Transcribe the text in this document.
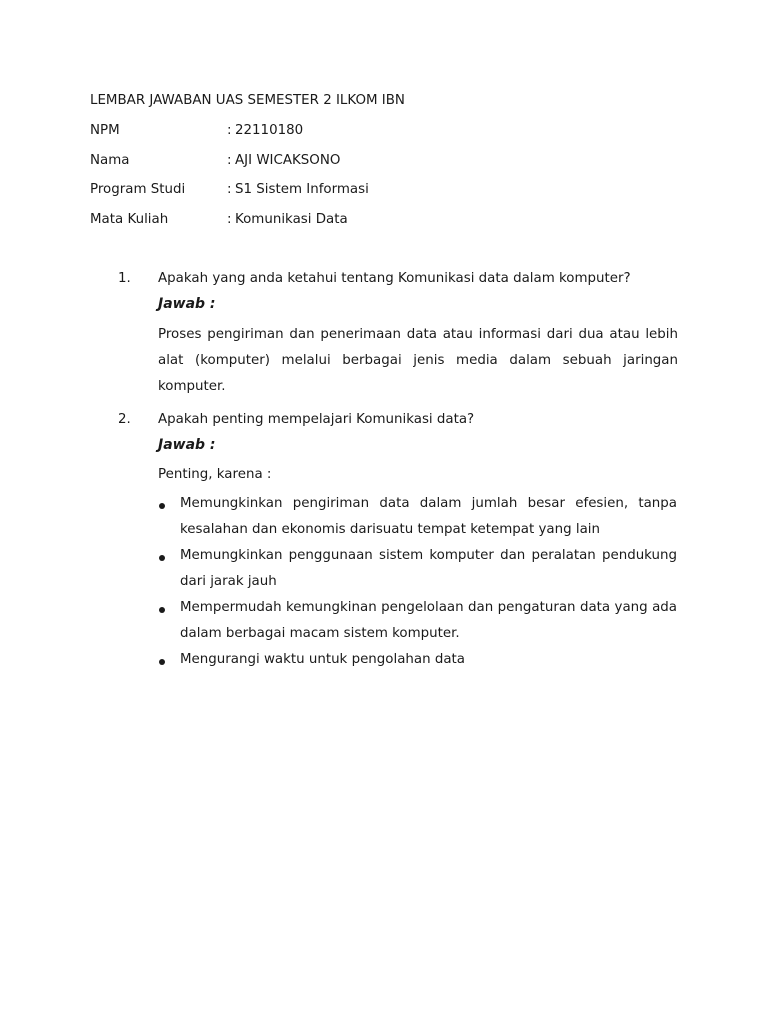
LEMBAR JAWABAN UAS SEMESTER 2 ILKOM IBN
NPM	: 22110180
Nama	: AJI WICAKSONO
Program Studi	: S1 Sistem Informasi
Mata Kuliah	: Komunikasi Data
1. Apakah yang anda ketahui tentang Komunikasi data dalam komputer?
Jawab :
Proses pengiriman dan penerimaan data atau informasi dari dua atau lebih alat (komputer) melalui berbagai jenis media dalam sebuah jaringan komputer.
2. Apakah penting mempelajari Komunikasi data?
Jawab :
Penting, karena :
Memungkinkan pengiriman data dalam jumlah besar efesien, tanpa kesalahan dan ekonomis darisuatu tempat ketempat yang lain
Memungkinkan penggunaan sistem komputer dan peralatan pendukung dari jarak jauh
Mempermudah kemungkinan pengelolaan dan pengaturan data yang ada dalam berbagai macam sistem komputer.
Mengurangi waktu untuk pengolahan data
